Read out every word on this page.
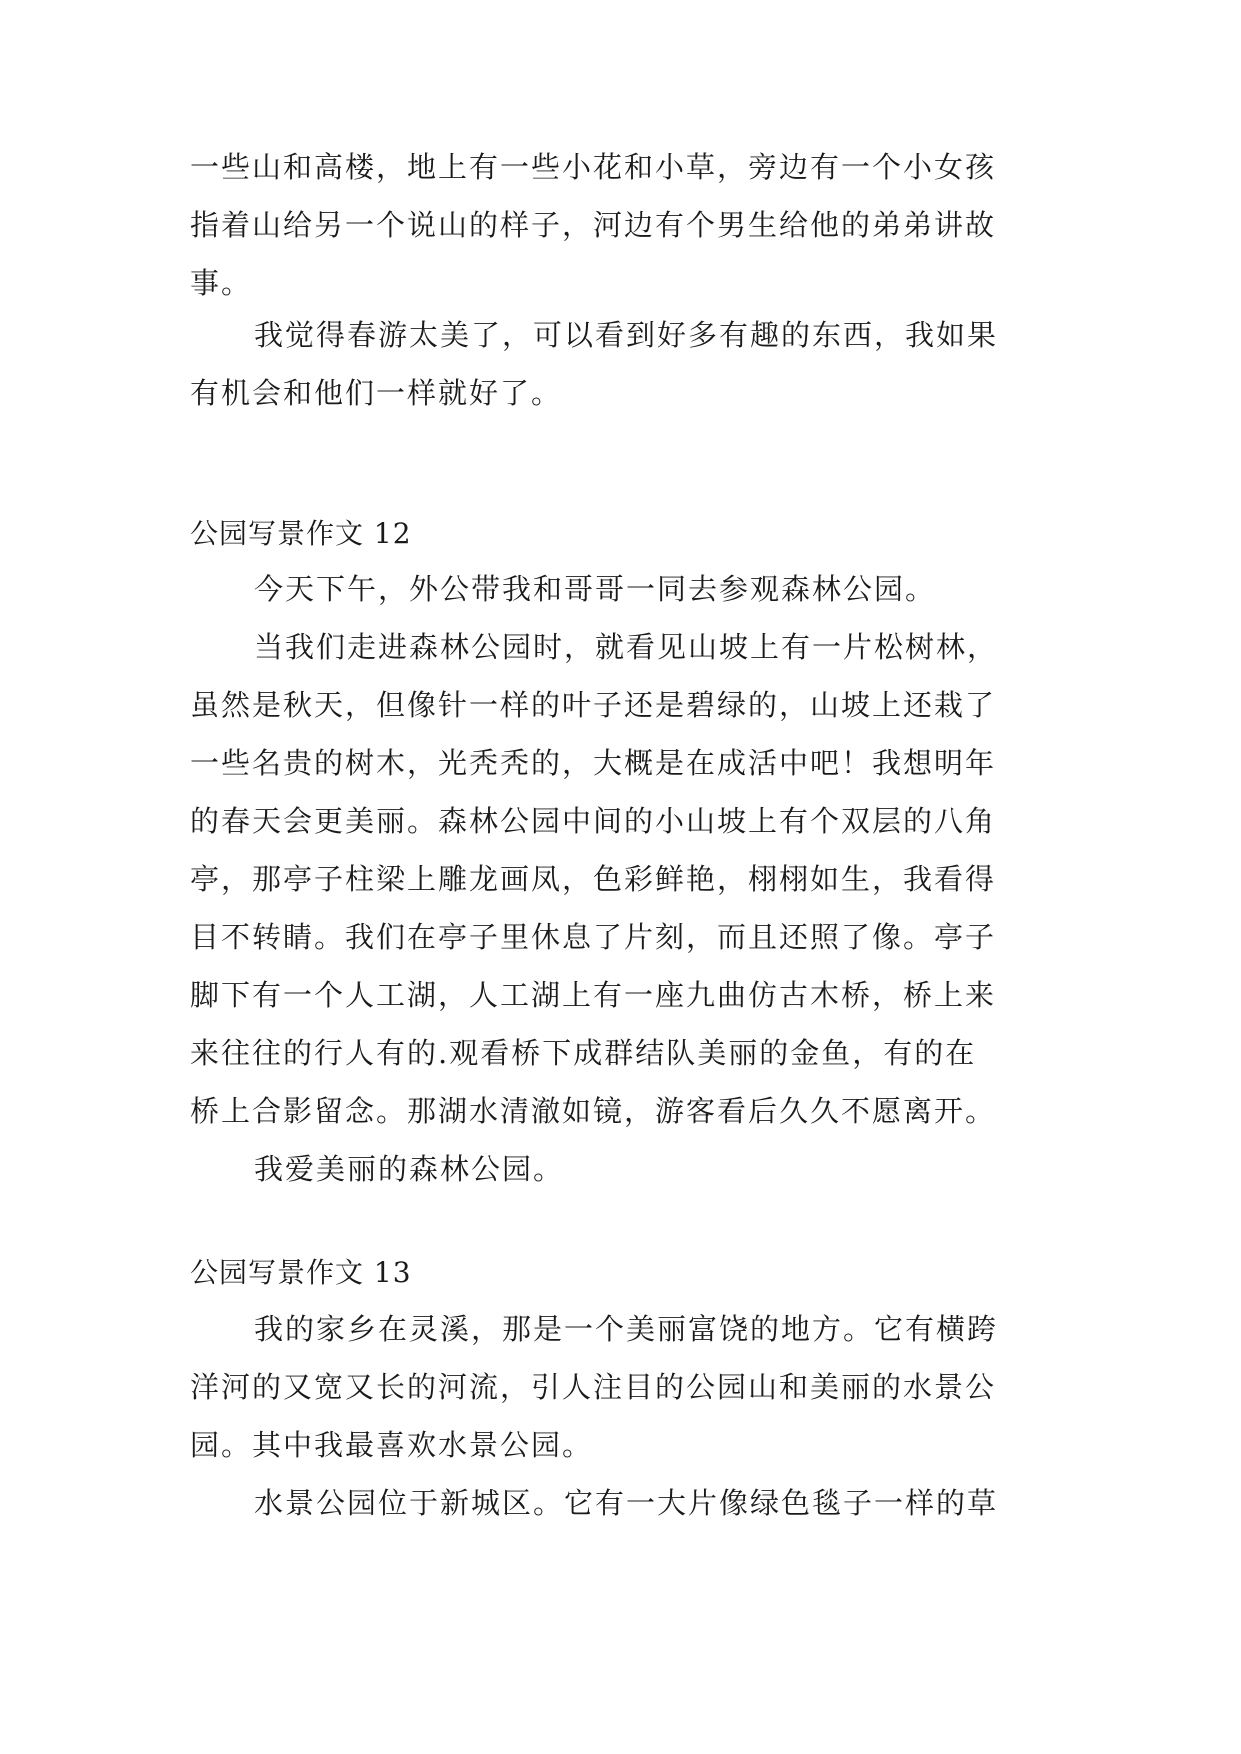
一些山和高楼，地上有一些小花和小草，旁边有一个小女孩
指着山给另一个说山的样子，河边有个男生给他的弟弟讲故
事。

我觉得春游太美了，可以看到好多有趣的东西，我如果
有机会和他们一样就好了。

公园写景作文 12

今天下午，外公带我和哥哥一同去参观森林公园。

当我们走进森林公园时，就看见山坡上有一片松树林，
虽然是秋天，但像针一样的叶子还是碧绿的，山坡上还栽了
一些名贵的树木，光秃秃的，大概是在成活中吧！我想明年
的春天会更美丽。森林公园中间的小山坡上有个双层的八角
亭，那亭子柱梁上雕龙画凤，色彩鲜艳，栩栩如生，我看得
目不转睛。我们在亭子里休息了片刻，而且还照了像。亭子
脚下有一个人工湖，人工湖上有一座九曲仿古木桥，桥上来
来往往的行人有的.观看桥下成群结队美丽的金鱼，有的在
桥上合影留念。那湖水清澈如镜，游客看后久久不愿离开。

我爱美丽的森林公园。

公园写景作文 13

我的家乡在灵溪，那是一个美丽富饶的地方。它有横跨
洋河的又宽又长的河流，引人注目的公园山和美丽的水景公
园。其中我最喜欢水景公园。

水景公园位于新城区。它有一大片像绿色毯子一样的草
